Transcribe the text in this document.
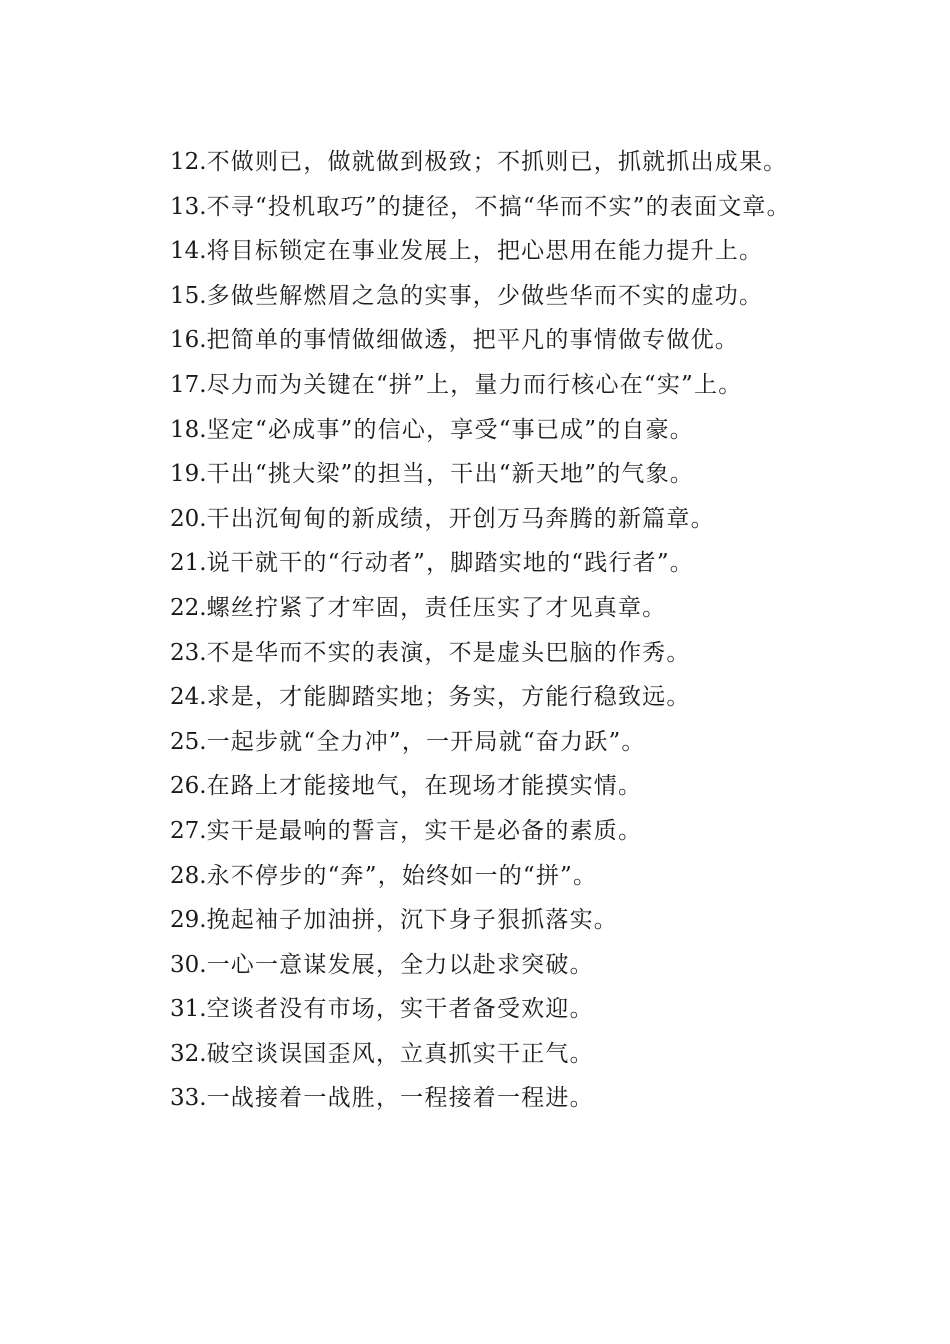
12.不做则已，做就做到极致；不抓则已，抓就抓出成果。

13.不寻“投机取巧”的捷径，不搞“华而不实”的表面文章。

14.将目标锁定在事业发展上，把心思用在能力提升上。

15.多做些解燃眉之急的实事，少做些华而不实的虚功。

16.把简单的事情做细做透，把平凡的事情做专做优。

17.尽力而为关键在“拼”上，量力而行核心在“实”上。

18.坚定“必成事”的信心，享受“事已成”的自豪。

19.干出“挑大梁”的担当，干出“新天地”的气象。

20.干出沉甸甸的新成绩，开创万马奔腾的新篇章。

21.说干就干的“行动者”，脚踏实地的“践行者”。

22.螺丝拧紧了才牢固，责任压实了才见真章。

23.不是华而不实的表演，不是虚头巴脑的作秀。

24.求是，才能脚踏实地；务实，方能行稳致远。

25.一起步就“全力冲”，一开局就“奋力跃”。

26.在路上才能接地气，在现场才能摸实情。

27.实干是最响的誓言，实干是必备的素质。

28.永不停步的“奔”，始终如一的“拼”。

29.挽起袖子加油拼，沉下身子狠抓落实。

30.一心一意谋发展，全力以赴求突破。

31.空谈者没有市场，实干者备受欢迎。

32.破空谈误国歪风，立真抓实干正气。

33.一战接着一战胜，一程接着一程进。
